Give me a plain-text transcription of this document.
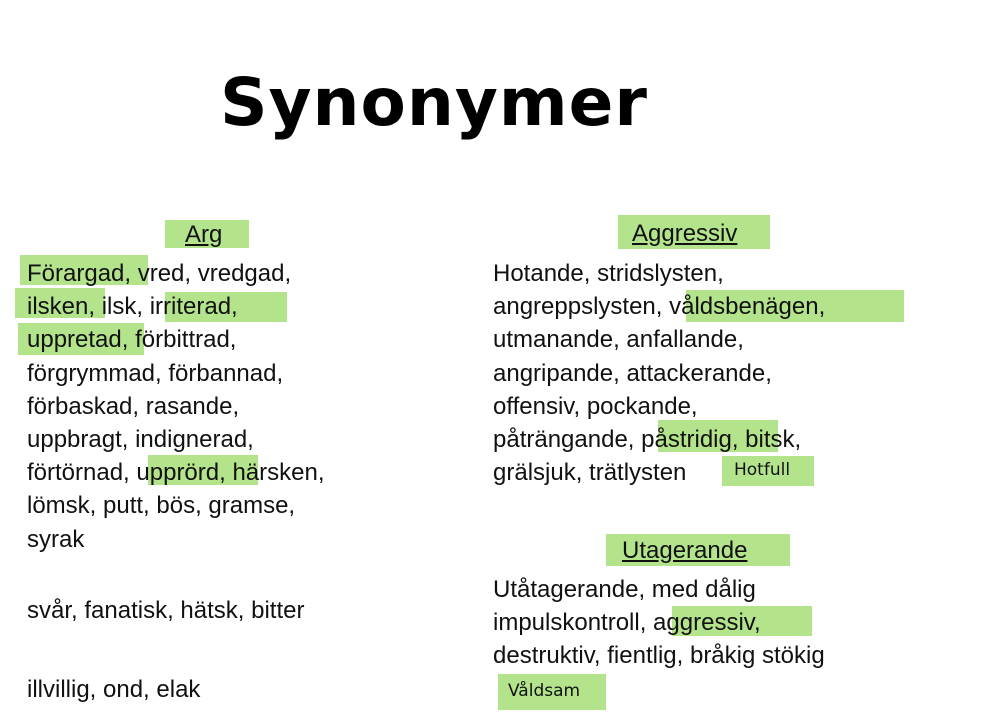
Synonymer
Arg
Förargad, vred, vredgad,
ilsken, ilsk, irriterad,
uppretad, förbittrad,
förgrymmad, förbannad,
förbaskad, rasande,
uppbragt, indignerad,
förtörnad, upprörd, härsken,
lömsk, putt, bös, gramse,
syrak
svår, fanatisk, hätsk, bitter
illvillig, ond, elak
Aggressiv
Hotande, stridslysten,
angreppslysten, våldsbenägen,
utmanande, anfallande,
angripande, attackerande,
offensiv, pockande,
påträngande, påstridig, bitsk,
grälsjuk, trätlysten	Hotfull
Utagerande
Utåtagerande, med dålig
impulskontroll, aggressiv,
destruktiv, fientlig, bråkig stökig
Våldsam
